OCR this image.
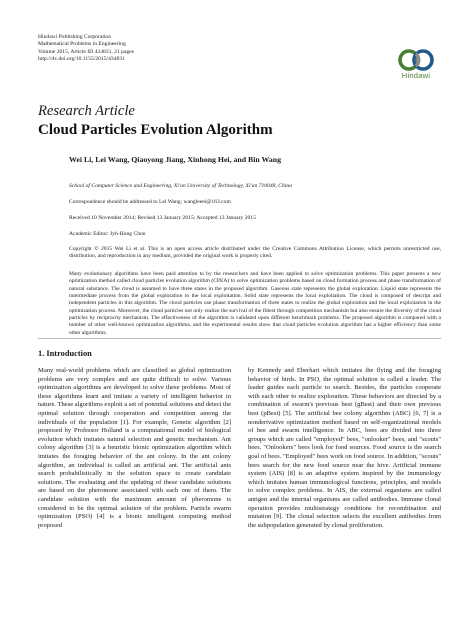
Hindawi Publishing Corporation
Mathematical Problems in Engineering
Volume 2015, Article ID 434831, 21 pages
http://dx.doi.org/10.1155/2015/434831
Hindawi
Research Article
Cloud Particles Evolution Algorithm
Wei Li, Lei Wang, Qiaoyong Jiang, Xinhong Hei, and Bin Wang
School of Computer Science and Engineering, Xi'an University of Technology, Xi'an 710048, China
Correspondence should be addressed to Lei Wang; wangleeei@163.com
Received 10 November 2014; Revised 13 January 2015; Accepted 13 January 2015
Academic Editor: Jyh-Hong Chou
Copyright © 2015 Wei Li et al. This is an open access article distributed under the Creative Commons Attribution License, which permits unrestricted use, distribution, and reproduction in any medium, provided the original work is properly cited.
Many evolutionary algorithms have been paid attention to by the researchers and have been applied to solve optimization problems. This paper presents a new optimization method called cloud particles evolution algorithm (CPEA) to solve optimization problems based on cloud formation process and phase transformation of natural substance. The cloud is assumed to have three states in the proposed algorithm. Gaseous state represents the global exploration. Liquid state represents the intermediate process from the global exploration to the local exploitation. Solid state represents the local exploitation. The cloud is composed of descript and independent particles in this algorithm. The cloud particles use phase transformation of three states to realize the global exploration and the local exploitation in the optimization process. Moreover, the cloud particles not only realize the survival of the fittest through competition mechanism but also ensure the diversity of the cloud particles by reciprocity mechanism. The effectiveness of the algorithm is validated upon different benchmark problems. The proposed algorithm is compared with a number of other well-known optimization algorithms, and the experimental results show that cloud particles evolution algorithm has a higher efficiency than some other algorithms.
1. Introduction
Many real-world problems which are classified as global optimization problems are very complex and are quite difficult to solve. Various optimization algorithms are developed to solve these problems. Most of these algorithms learn and imitate a variety of intelligent behavior in nature. These algorithms exploit a set of potential solutions and detect the optimal solution through cooperation and competition among the individuals of the population [1]. For example, Genetic algorithm [2] proposed by Professor Holland is a computational model of biological evolution which imitates natural selection and genetic mechanism. Ant colony algorithm [3] is a heuristic bionic optimization algorithm which imitates the foraging behavior of the ant colony. In the ant colony algorithm, an individual is called an artificial ant. The artificial ants search probabilistically in the solution space to create candidate solutions. The evaluating and the updating of these candidate solutions are based on the pheromone associated with each one of them. The candidate solution with the maximum amount of pheromone is considered to be the optimal solution of the problem. Particle swarm optimization (PSO) [4] is a bionic intelligent computing method proposed
by Kennedy and Eberhart which imitates the flying and the foraging behavior of birds. In PSO, the optimal solution is called a leader. The leader guides each particle to search. Besides, the particles cooperate with each other to realize exploration. These behaviors are directed by a combination of swarm's previous best (gBest) and their own previous best (pBest) [5]. The artificial bee colony algorithm (ABC) [6, 7] is a nonderivative optimization method based on self-organizational models of bee and swarm intelligence. In ABC, bees are divided into three groups which are called "employed" bees, "onlooker" bees, and "scouts" bees. "Onlookers" bees look for food sources. Food source is the search goal of bees. "Employed" bees work on food source. In addition, "scouts" bees search for the new food source near the hive. Artificial immune system (AIS) [8] is an adaptive system inspired by the immunology which imitates human immunological functions, principles, and models to solve complex problems. In AIS, the external organisms are called antigen and the internal organisms are called antibodies. Immune clonal operation provides multistrategy conditions for recombination and mutation [9]. The clonal selection selects the excellent antibodies from the subpopulation generated by clonal proliferation.
